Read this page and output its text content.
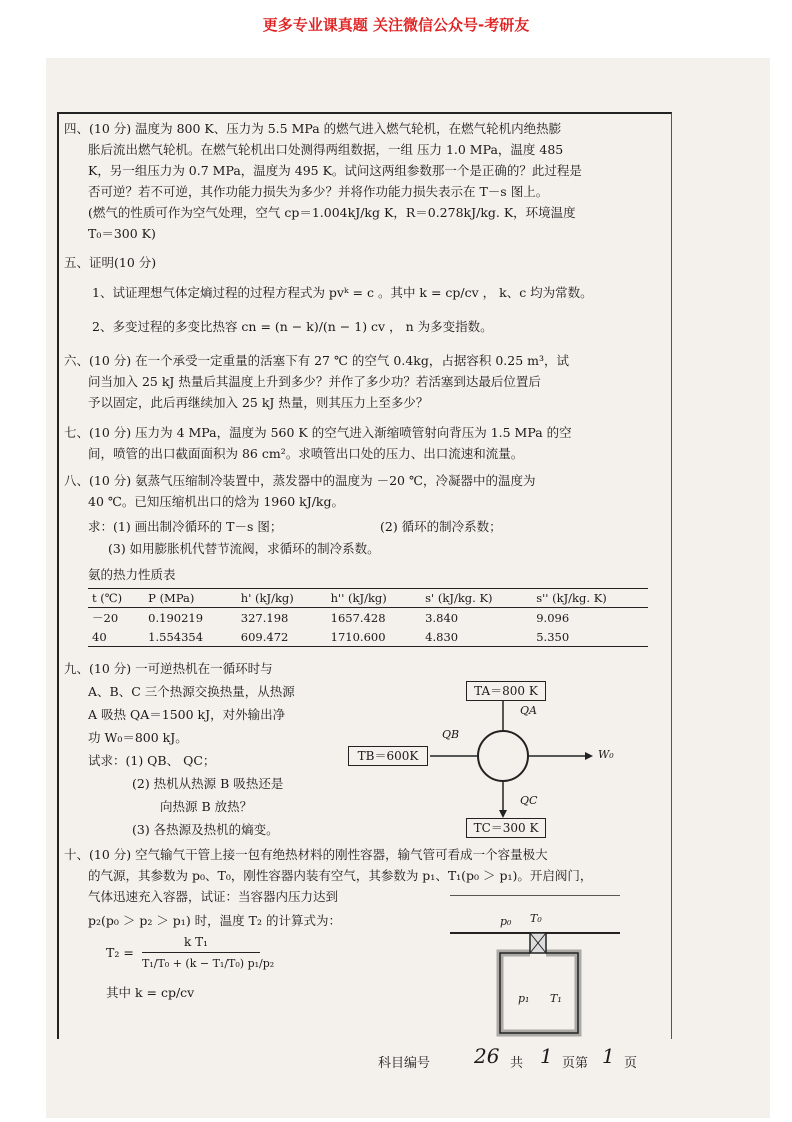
更多专业课真题 关注微信公众号-考研友
四、(10 分) 温度为 800 K、压力为 5.5 MPa 的燃气进入燃气轮机，在燃气轮机内绝热膨
胀后流出燃气轮机。在燃气轮机出口处测得两组数据，一组 压力 1.0 MPa，温度 485
K，另一组压力为 0.7 MPa，温度为 495 K。试问这两组参数那一个是正确的？此过程是
否可逆？若不可逆，其作功能力损失为多少？并将作功能力损失表示在 T－s 图上。
(燃气的性质可作为空气处理，空气 cp＝1.004kJ/kg K，R＝0.278kJ/kg. K，环境温度
T₀＝300 K)
五、证明(10 分)
1、试证理想气体定熵过程的过程方程式为 pvᵏ = c 。其中 k = cp/cv ， k、c 均为常数。
2、多变过程的多变比热容 cn = (n − k)/(n − 1) cv ， n 为多变指数。
六、(10 分) 在一个承受一定重量的活塞下有 27 ℃ 的空气 0.4kg，占据容积 0.25 m³，试
问当加入 25 kJ 热量后其温度上升到多少？并作了多少功？若活塞到达最后位置后
予以固定，此后再继续加入 25 kJ 热量，则其压力上至多少？
七、(10 分) 压力为 4 MPa，温度为 560 K 的空气进入渐缩喷管射向背压为 1.5 MPa 的空
间，喷管的出口截面面积为 86 cm²。求喷管出口处的压力、出口流速和流量。
八、(10 分) 氨蒸气压缩制冷装置中，蒸发器中的温度为 －20 ℃，冷凝器中的温度为
40 ℃。已知压缩机出口的焓为 1960 kJ/kg。
求：(1) 画出制冷循环的 T－s 图；	(2) 循环的制冷系数；
(3) 如用膨胀机代替节流阀，求循环的制冷系数。
氨的热力性质表
t (℃)	P (MPa)	h' (kJ/kg)	h'' (kJ/kg)	s' (kJ/kg. K)	s'' (kJ/kg. K)
－20	0.190219	327.198	1657.428	3.840	9.096
40	1.554354	609.472	1710.600	4.830	5.350
九、(10 分) 一可逆热机在一循环时与
A、B、C 三个热源交换热量，从热源
A 吸热 QA＝1500 kJ，对外输出净
功 W₀＝800 kJ。
试求：(1) QB、 QC；
(2) 热机从热源 B 吸热还是
向热源 B 放热？
(3) 各热源及热机的熵变。
TA＝800 K
TB＝600K
TC＝300 K
QA
QB
QC
W₀
十、(10 分) 空气输气干管上接一包有绝热材料的刚性容器，输气管可看成一个容量极大
的气源，其参数为 p₀、T₀，刚性容器内装有空气，其参数为 p₁、T₁(p₀ ＞ p₁)。开启阀门，
气体迅速充入容器，试证：当容器内压力达到
p₂(p₀ ＞ p₂ ＞ p₁) 时，温度 T₂ 的计算式为：
T₂ =
k T₁
T₁/T₀ + (k − T₁/T₀) p₁/p₂
其中 k = cp/cv
p₀ T₀
p₁ T₁
科目编号 26 共 1 页第 1 页
